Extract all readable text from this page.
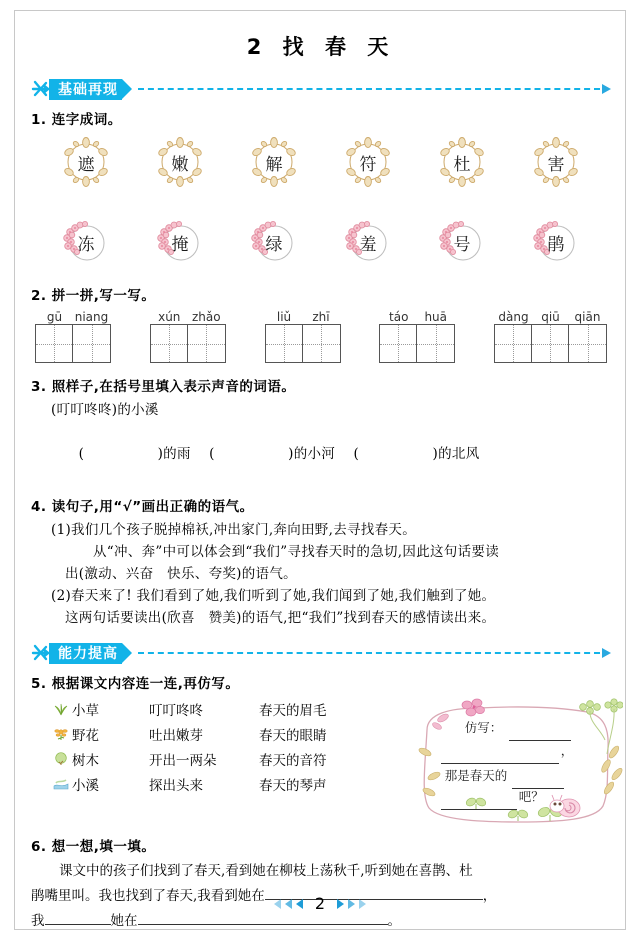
2 找 春 天
基础再现
1. 连字成词。
遮	嫩	解	符	杜	害
冻	掩	绿	羞	号	鹃
2. 拼一拼,写一写。
gū	niang	xún zhǎo	liǔ	zhī	táo	huā	dàng	qiū	qiān
3. 照样子,在括号里填入表示声音的词语。
(叮叮咚咚)的小溪

(                )的雨 (                )的小河 (                )的北风

4. 读句子,用“√”画出正确的语气。
(1)我们几个孩子脱掉棉袄,冲出家门,奔向田野,去寻找春天。
从“冲、奔”中可以体会到“我们”寻找春天时的急切,因此这句话要读
出(激动、兴奋　快乐、夸奖)的语气。
(2)春天来了! 我们看到了她,我们听到了她,我们闻到了她,我们触到了她。
这两句话要读出(欣喜　赞美)的语气,把“我们”找到春天的感情读出来。
能力提高
5. 根据课文内容连一连,再仿写。
小草	叮叮咚咚	春天的眉毛
野花	吐出嫩芽	春天的眼睛
树木	开出一两朵	春天的音符
小溪	探出头来	春天的琴声
仿写：
，
那是春天的
吧？
6. 想一想,填一填。
课文中的孩子们找到了春天,看到她在柳枝上荡秋千,听到她在喜鹊、杜
鹃嘴里叫。我也找到了春天,我看到她在	，
我	她在	。
2
